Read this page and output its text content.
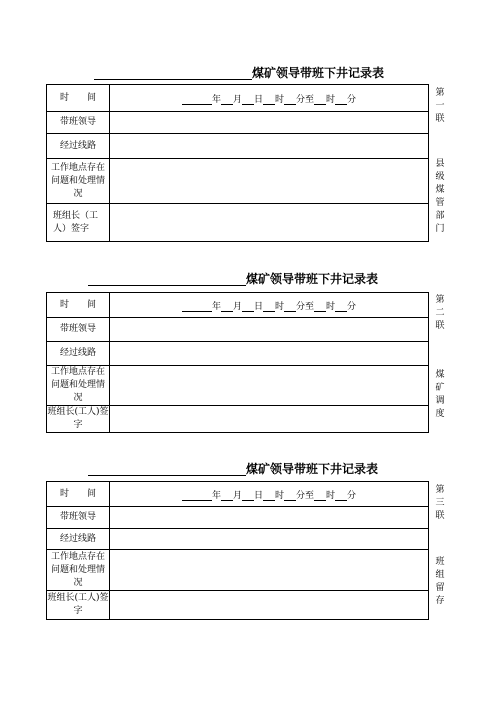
煤矿领导带班下井记录表
时　　间	年 月 日 时 分至 时 分
带班领导	
经过线路	
工作地点存在问题和处理情况	
班组长（工人）签字	
第
一
联
县
级
煤
管
部
门
煤矿领导带班下井记录表
时　　间	年 月 日 时 分至 时 分
带班领导	
经过线路	
工作地点存在问题和处理情况	
班组长(工人)签字	
第
二
联
煤
矿
调
度
煤矿领导带班下井记录表
时　　间	年 月 日 时 分至 时 分
带班领导	
经过线路	
工作地点存在问题和处理情况	
班组长(工人)签字	
第
三
联
班
组
留
存
